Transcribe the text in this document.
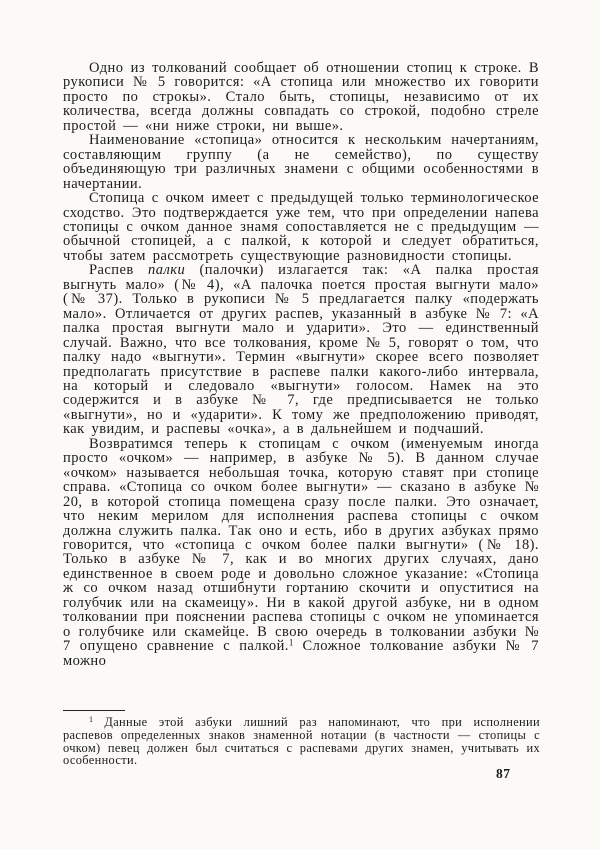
Одно из толкований сообщает об отношении стопиц к строке. В рукописи № 5 говорится: «А стопица или множество их говорити просто по строкы». Стало быть, стопицы, независимо от их количества, всегда должны совпадать со строкой, подобно стреле простой — «ни ниже строки, ни выше».

Наименование «стопица» относится к нескольким начертаниям, составляющим группу (а не семейство), по существу объединяющую три различных знамени с общими особенностями в начертании.

Стопица с очком имеет с предыдущей только терминологическое сходство. Это подтверждается уже тем, что при определении напева стопицы с очком данное знамя сопоставляется не с предыдущим — обычной стопицей, а с палкой, к которой и следует обратиться, чтобы затем рассмотреть существующие разновидности стопицы.

Распев палки (палочки) излагается так: «А палка простая выгнуть мало» (№ 4), «А палочка поется простая выгнути мало» (№ 37). Только в рукописи № 5 предлагается палку «подержать мало». Отличается от других распев, указанный в азбуке № 7: «А палка простая выгнути мало и ударити». Это — единственный случай. Важно, что все толкования, кроме № 5, говорят о том, что палку надо «выгнути». Термин «выгнути» скорее всего позволяет предполагать присутствие в распеве палки какого-либо интервала, на который и следовало «выгнути» голосом. Намек на это содержится и в азбуке № 7, где предписывается не только «выгнути», но и «ударити». К тому же предположению приводят, как увидим, и распевы «очка», а в дальнейшем и подчаший.

Возвратимся теперь к стопицам с очком (именуемым иногда просто «очком» — например, в азбуке № 5). В данном случае «очком» называется небольшая точка, которую ставят при стопице справа. «Стопица со очком более выгнути» — сказано в азбуке № 20, в которой стопица помещена сразу после палки. Это означает, что неким мерилом для исполнения распева стопицы с очком должна служить палка. Так оно и есть, ибо в других азбуках прямо говорится, что «стопица с очком более палки выгнути» (№ 18). Только в азбуке № 7, как и во многих других случаях, дано единственное в своем роде и довольно сложное указание: «Стопица ж со очком назад отшибнути гортанию скочити и опуститися на голубчик или на скамеицу». Ни в какой другой азбуке, ни в одном толковании при пояснении распева стопицы с очком не упоминается о голубчике или скамейце. В свою очередь в толковании азбуки № 7 опущено сравнение с палкой.$^1$ Сложное толкование азбуки № 7 можно

$^1$ Данные этой азбуки лишний раз напоминают, что при исполнении распевов определенных знаков знаменной нотации (в частности — стопицы с очком) певец должен был считаться с распевами других знамен, учитывать их особенности.

87
